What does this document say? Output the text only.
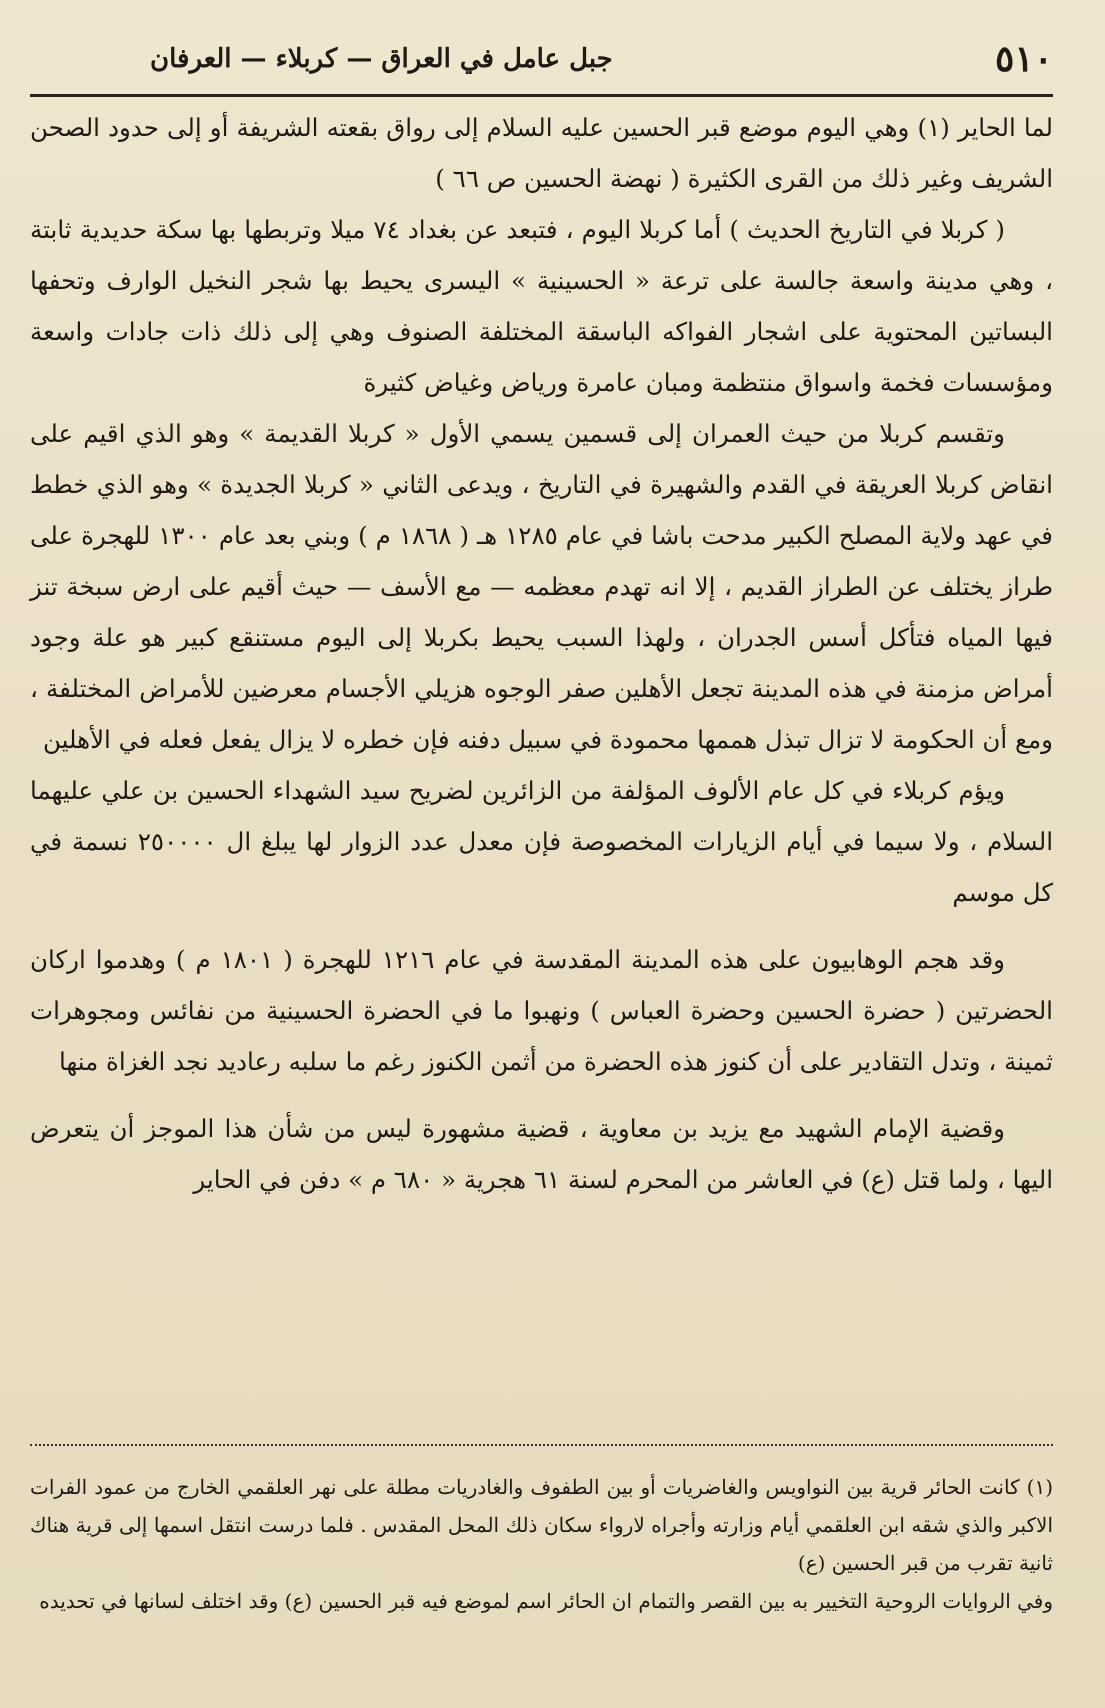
٥١٠
جبل عامل في العراق — كربلاء — العرفان

لما الحاير (١) وهي اليوم موضع قبر الحسين عليه السلام إلى رواق بقعته الشريفة أو إلى حدود الصحن الشريف وغير ذلك من القرى الكثيرة ( نهضة الحسين ص ٦٦ )

( كربلا في التاريخ الحديث ) أما كربلا اليوم ، فتبعد عن بغداد ٧٤ ميلا وتربطها بها سكة حديدية ثابتة ، وهي مدينة واسعة جالسة على ترعة « الحسينية » اليسرى يحيط بها شجر النخيل الوارف وتحفها البساتين المحتوية على اشجار الفواكه الباسقة المختلفة الصنوف وهي إلى ذلك ذات جادات واسعة ومؤسسات فخمة واسواق منتظمة ومبان عامرة ورياض وغياض كثيرة

وتقسم كربلا من حيث العمران إلى قسمين يسمي الأول « كربلا القديمة » وهو الذي اقيم على انقاض كربلا العريقة في القدم والشهيرة في التاريخ ، ويدعى الثاني « كربلا الجديدة » وهو الذي خطط في عهد ولاية المصلح الكبير مدحت باشا في عام ١٢٨٥ هـ ( ١٨٦٨ م ) وبني بعد عام ١٣٠٠ للهجرة على طراز يختلف عن الطراز القديم ، إلا انه تهدم معظمه — مع الأسف — حيث أقيم على ارض سبخة تنز فيها المياه فتأكل أسس الجدران ، ولهذا السبب يحيط بكربلا إلى اليوم مستنقع كبير هو علة وجود أمراض مزمنة في هذه المدينة تجعل الأهلين صفر الوجوه هزيلي الأجسام معرضين للأمراض المختلفة ، ومع أن الحكومة لا تزال تبذل هممها محمودة في سبيل دفنه فإن خطره لا يزال يفعل فعله في الأهلين

ويؤم كربلاء في كل عام الألوف المؤلفة من الزائرين لضريح سيد الشهداء الحسين بن علي عليهما السلام ، ولا سيما في أيام الزيارات المخصوصة فإن معدل عدد الزوار لها يبلغ ال ٢٥٠٠٠٠ نسمة في كل موسم

وقد هجم الوهابيون على هذه المدينة المقدسة في عام ١٢١٦ للهجرة ( ١٨٠١ م ) وهدموا اركان الحضرتين ( حضرة الحسين وحضرة العباس ) ونهبوا ما في الحضرة الحسينية من نفائس ومجوهرات ثمينة ، وتدل التقادير على أن كنوز هذه الحضرة من أثمن الكنوز رغم ما سلبه رعاديد نجد الغزاة منها

وقضية الإمام الشهيد مع يزيد بن معاوية ، قضية مشهورة ليس من شأن هذا الموجز أن يتعرض اليها ، ولما قتل (ع) في العاشر من المحرم لسنة ٦١ هجرية « ٦٨٠ م » دفن في الحاير

(١) كانت الحائر قرية بين النواويس والغاضريات أو بين الطفوف والغادريات مطلة على نهر العلقمي الخارج من عمود الفرات الاكبر والذي شقه ابن العلقمي أيام وزارته وأجراه لارواء سكان ذلك المحل المقدس . فلما درست انتقل اسمها إلى قرية هناك ثانية تقرب من قبر الحسين (ع)

وفي الروايات الروحية التخيير به بين القصر والتمام ان الحائر اسم لموضع فيه قبر الحسين (ع) وقد اختلف لسانها في تحديده
